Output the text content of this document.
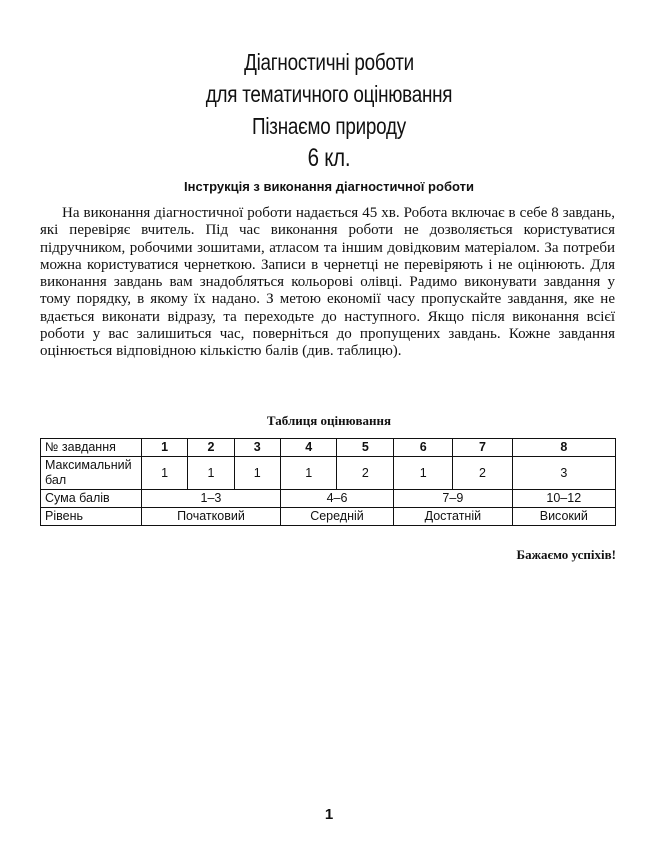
Діагностичні роботи
для тематичного оцінювання
Пізнаємо природу
6 кл.
Інструкція з виконання діагностичної роботи

На виконання діагностичної роботи надається 45 хв. Робота включає в себе 8 завдань, які перевіряє вчитель. Під час виконання роботи не дозволяється користуватися підручником, робочими зошитами, атласом та іншим довідковим матеріалом. За потреби можна користуватися чернеткою. Записи в чернетці не перевіряють і не оцінюють. Для виконання завдань вам знадобляться кольорові олівці. Радимо виконувати завдання у тому порядку, в якому їх надано. З метою економії часу пропускайте завдання, яке не вдається виконати відразу, та переходьте до наступного. Якщо після виконання всієї роботи у вас залишиться час, поверніться до пропущених завдань. Кожне завдання оцінюється відповідною кількістю балів (див. таблицю).

Таблиця оцінювання
№ завдання	1	2	3	4	5	6	7	8
Максимальний бал	1	1	1	1	2	1	2	3
Сума балів	1–3			4–6		7–9		10–12
Рівень	Початковий			Середній		Достатній		Високий
Бажаємо успіхів!
1
